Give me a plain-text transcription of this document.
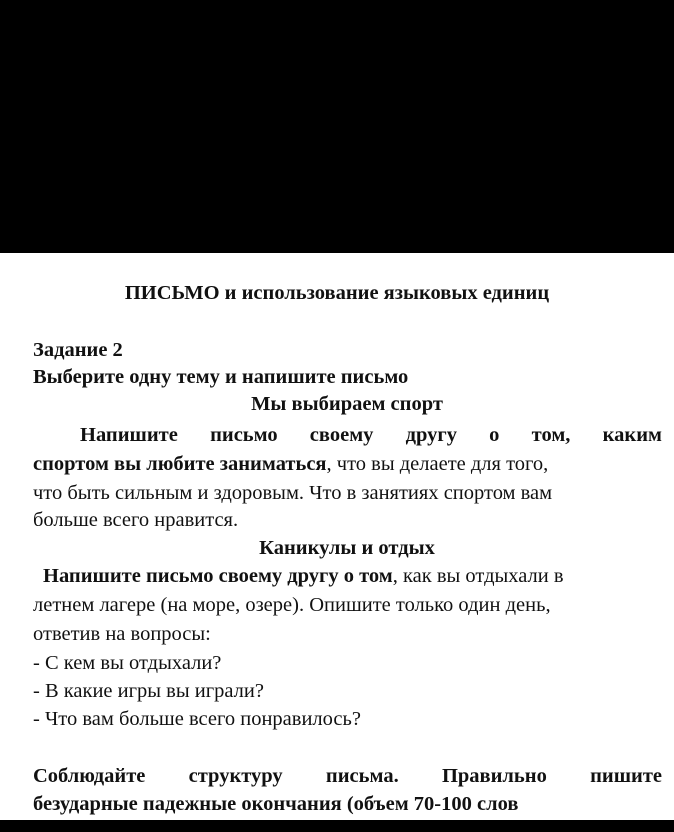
ПИСЬМО и использование языковых единиц
Задание 2
Выберите одну тему и напишите письмо
Мы выбираем спорт
Напишите письмо своему другу о том, каким
спортом вы любите заниматься, что вы делаете для того,
что быть сильным и здоровым. Что в занятиях спортом вам
больше всего нравится.
Каникулы и отдых
Напишите письмо своему другу о том, как вы отдыхали в
летнем лагере (на море, озере). Опишите только один день,
ответив на вопросы:
- С кем вы отдыхали?
- В какие игры вы играли?
- Что вам больше всего понравилось?
Соблюдайте структуру письма. Правильно пишите
безударные падежные окончания (объем 70-100 слов
